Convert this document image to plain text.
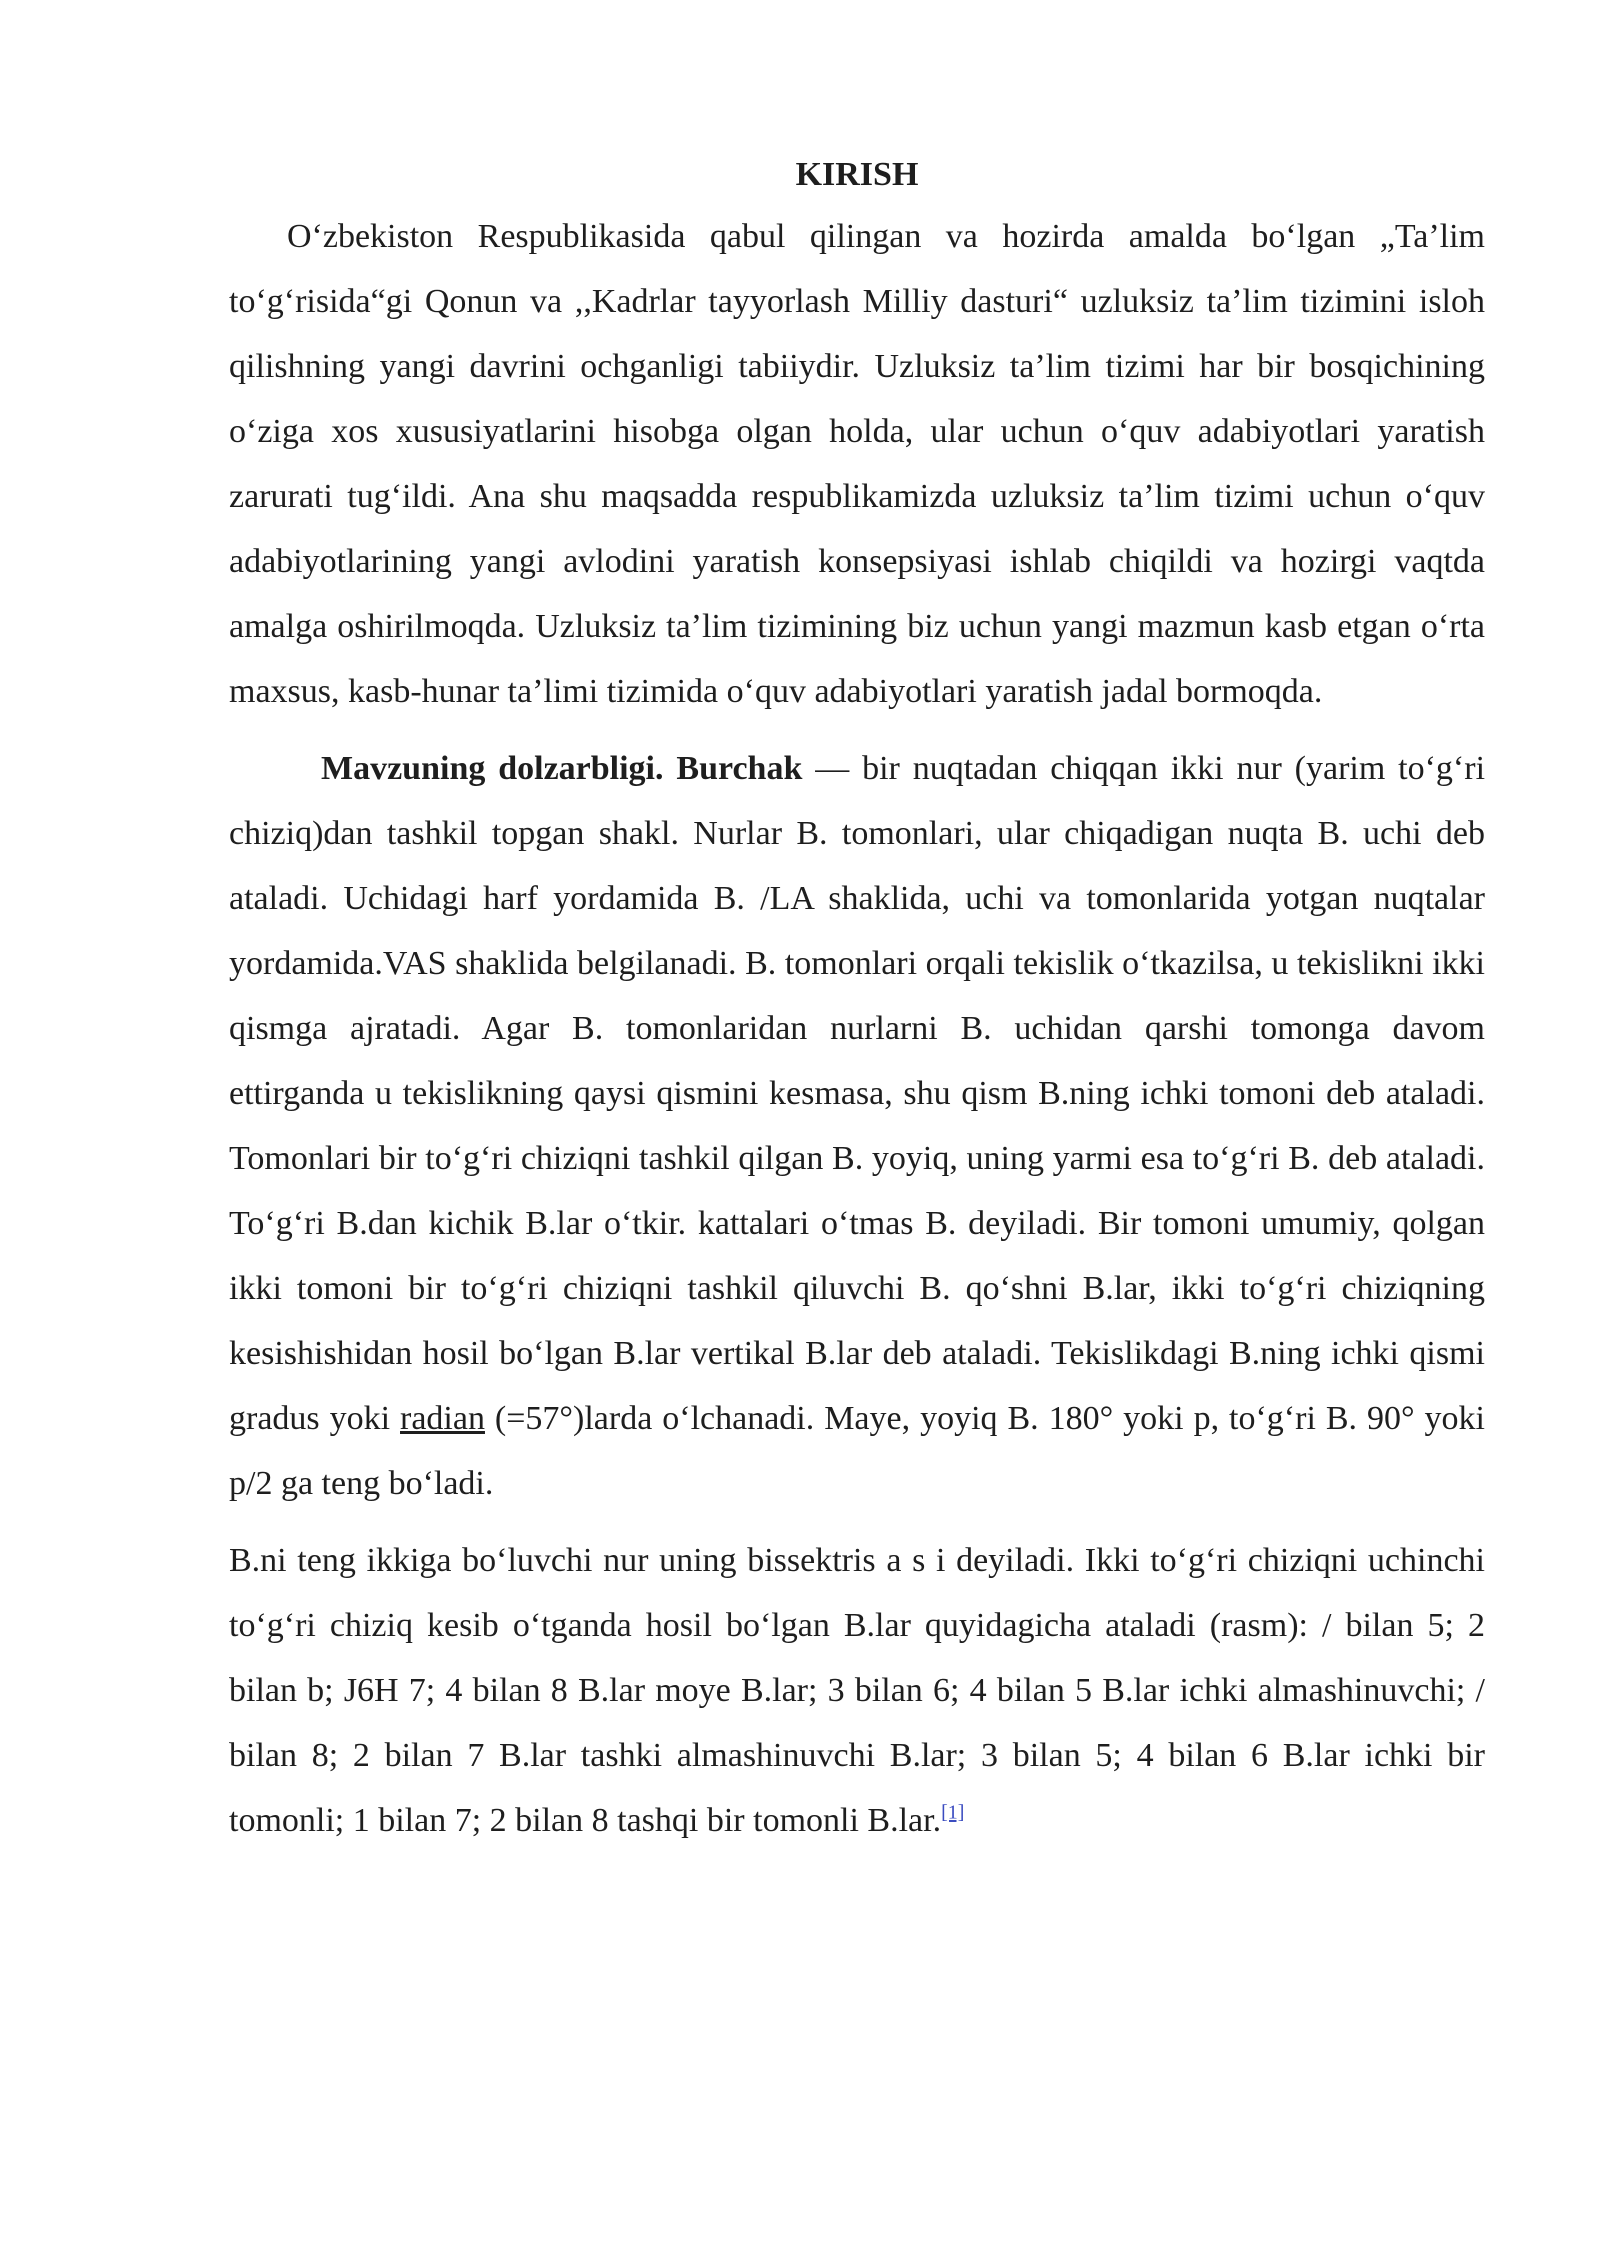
KIRISH

O‘zbekiston Respublikasida qabul qilingan va hozirda amalda bo‘lgan „Ta’lim to‘g‘risida“gi Qonun va ,,Kadrlar tayyorlash Milliy dasturi“ uzluksiz ta’lim tizimini isloh qilishning yangi davrini ochganligi tabiiydir. Uzluksiz ta’lim tizimi har bir bosqichining o‘ziga xos xususiyatlarini hisobga olgan holda, ular uchun o‘quv adabiyotlari yaratish zarurati tug‘ildi. Ana shu maqsadda respublikamizda uzluksiz ta’lim tizimi uchun o‘quv adabiyotlarining yangi avlodini yaratish konsepsiyasi ishlab chiqildi va hozirgi vaqtda amalga oshirilmoqda. Uzluksiz ta’lim tizimining biz uchun yangi mazmun kasb etgan o‘rta maxsus, kasb-hunar ta’limi tizimida o‘quv adabiyotlari yaratish jadal bormoqda.

Mavzuning dolzarbligi. Burchak — bir nuqtadan chiqqan ikki nur (yarim to‘g‘ri chiziq)dan tashkil topgan shakl. Nurlar B. tomonlari, ular chiqadigan nuqta B. uchi deb ataladi. Uchidagi harf yordamida B. /LA shaklida, uchi va tomonlarida yotgan nuqtalar yordamida.VAS shaklida belgilanadi. B. tomonlari orqali tekislik o‘tkazilsa, u tekislikni ikki qismga ajratadi. Agar B. tomonlaridan nurlarni B. uchidan qarshi tomonga davom ettirganda u tekislikning qaysi qismini kesmasa, shu qism B.ning ichki tomoni deb ataladi. Tomonlari bir to‘g‘ri chiziqni tashkil qilgan B. yoyiq, uning yarmi esa to‘g‘ri B. deb ataladi. To‘g‘ri B.dan kichik B.lar o‘tkir. kattalari o‘tmas B. deyiladi. Bir tomoni umumiy, qolgan ikki tomoni bir to‘g‘ri chiziqni tashkil qiluvchi B. qo‘shni B.lar, ikki to‘g‘ri chiziqning kesishishidan hosil bo‘lgan B.lar vertikal B.lar deb ataladi. Tekislikdagi B.ning ichki qismi gradus yoki radian (=57°)larda o‘lchanadi. Maye, yoyiq B. 180° yoki p, to‘g‘ri B. 90° yoki p/2 ga teng bo‘ladi.

B.ni teng ikkiga bo‘luvchi nur uning bissektris a s i deyiladi. Ikki to‘g‘ri chiziqni uchinchi to‘g‘ri chiziq kesib o‘tganda hosil bo‘lgan B.lar quyidagicha ataladi (rasm): / bilan 5; 2 bilan b; J6H 7; 4 bilan 8 B.lar moye B.lar; 3 bilan 6; 4 bilan 5 B.lar ichki almashinuvchi; / bilan 8; 2 bilan 7 B.lar tashki almashinuvchi B.lar; 3 bilan 5; 4 bilan 6 B.lar ichki bir tomonli; 1 bilan 7; 2 bilan 8 tashqi bir tomonli B.lar.[1]
